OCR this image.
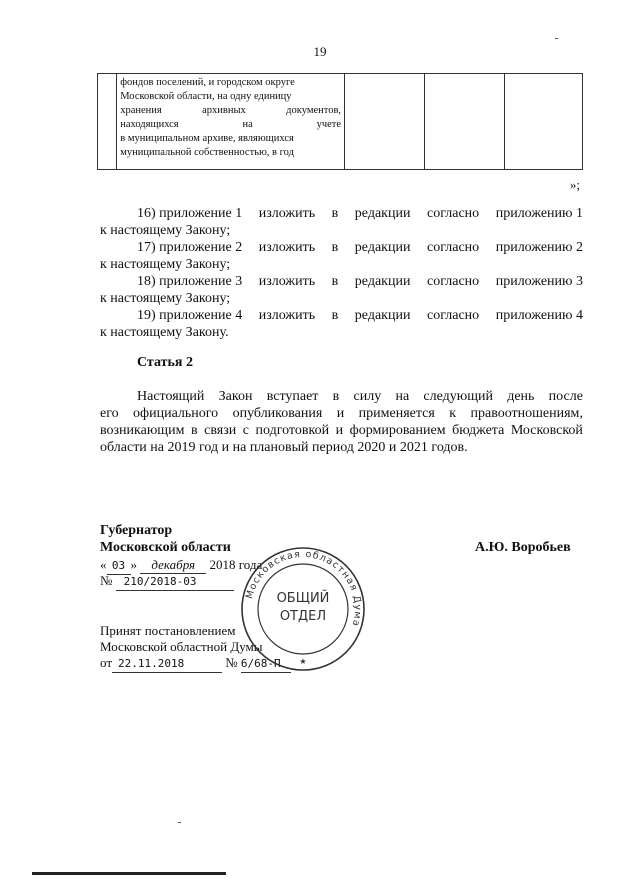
19

фондов поселений, и городском округе
Московской области, на одну единицу
хранения	архивных	документов,
находящихся	на	учете
в муниципальном архиве, являющихся
муниципальной собственностью, в год

»;
16) приложение 1 изложить в редакции согласно приложению 1
к настоящему Закону;
17) приложение 2 изложить в редакции согласно приложению 2
к настоящему Закону;
18) приложение 3 изложить в редакции согласно приложению 3
к настоящему Закону;
19) приложение 4 изложить в редакции согласно приложению 4
к настоящему Закону.
Статья 2
Настоящий Закон вступает в силу на следующий день после
его официального опубликования и применяется к правоотношениям,
возникающим в связи с подготовкой и формированием бюджета Московской
области на 2019 год и на плановый период 2020 и 2021 годов.
Губернатор
Московской области	А.Ю. Воробьев
« 03 » декабря 2018 года
№ 210/2018-03
Принят постановлением
Московской областной Думы
от 22.11.2018	№ 6/68-П
Московская областная Дума
ОБЩИЙ
ОТДЕЛ
★
